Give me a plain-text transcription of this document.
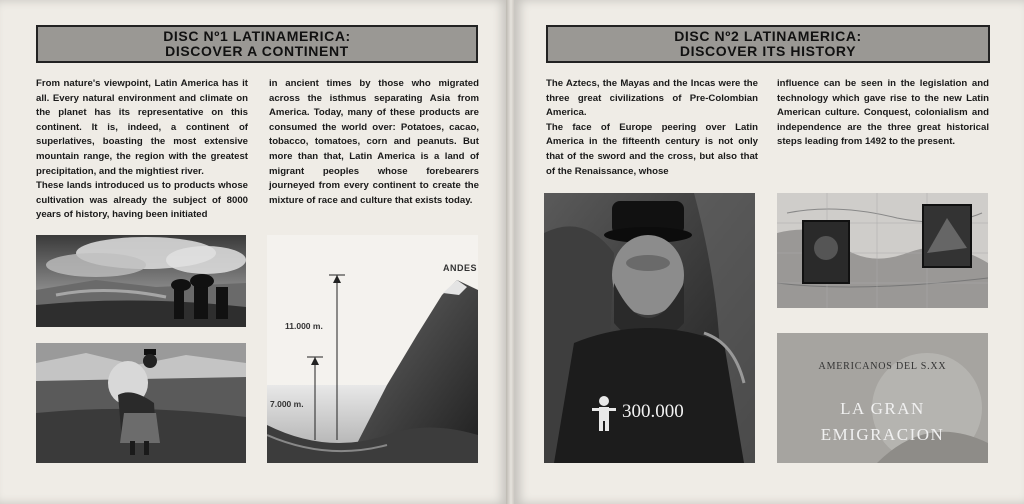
DISC Nº1 LATINAMERICA:
DISCOVER A CONTINENT

From nature's viewpoint, Latin America has it all. Every natural environment and climate on the planet has its representative on this continent. It is, indeed, a continent of superlatives, boasting the most extensive mountain range, the region with the greatest precipitation, and the mightiest river.

These lands introduced us to products whose cultivation was already the subject of 8000 years of history, having been initiated

in ancient times by those who migrated across the isthmus separating Asia from America. Today, many of these products are consumed the world over: Potatoes, cacao, tobacco, tomatoes, corn and peanuts. But more than that, Latin America is a land of migrant peoples whose forebearers journeyed from every continent to create the mixture of race and culture that exists today.

ANDES
11.000 m.
7.000 m.
DISC Nº2 LATINAMERICA:
DISCOVER ITS HISTORY

The Aztecs, the Mayas and the Incas were the three great civilizations of Pre-Colombian America.

The face of Europe peering over Latin America in the fifteenth century is not only that of the sword and the cross, but also that of the Renaissance, whose

influence can be seen in the legislation and technology which gave rise to the new Latin American culture. Conquest, colonialism and independence are the three great historical steps leading from 1492 to the present.

300.000
AMERICANOS DEL S.XX
LA GRAN
EMIGRACION
